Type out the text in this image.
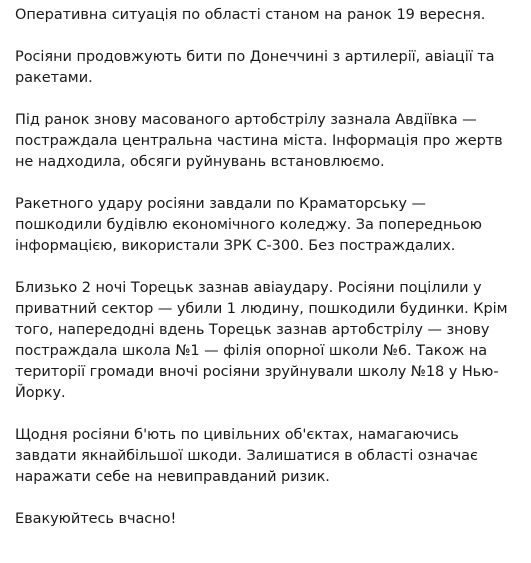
Оперативна ситуація по області станом на ранок 19 вересня.

Росіяни продовжують бити по Донеччині з артилерії, авіації та ракетами.

Під ранок знову масованого артобстрілу зазнала Авдіївка — постраждала центральна частина міста. Інформація про жертв не надходила, обсяги руйнувань встановлюємо.

Ракетного удару росіяни завдали по Краматорську — пошкодили будівлю економічного коледжу. За попередньою інформацією, використали ЗРК С-300. Без постраждалих.

Близько 2 ночі Торецьк зазнав авіаудару. Росіяни поцілили у приватний сектор — убили 1 людину, пошкодили будинки. Крім того, напередодні вдень Торецьк зазнав артобстрілу — знову постраждала школа №1 — філія опорної школи №6. Також на території громади вночі росіяни зруйнували школу №18 у Нью-Йорку.

Щодня росіяни б'ють по цивільних об'єктах, намагаючись завдати якнайбільшої шкоди. Залишатися в області означає наражати себе на невиправданий ризик.

Евакуюйтесь вчасно!
